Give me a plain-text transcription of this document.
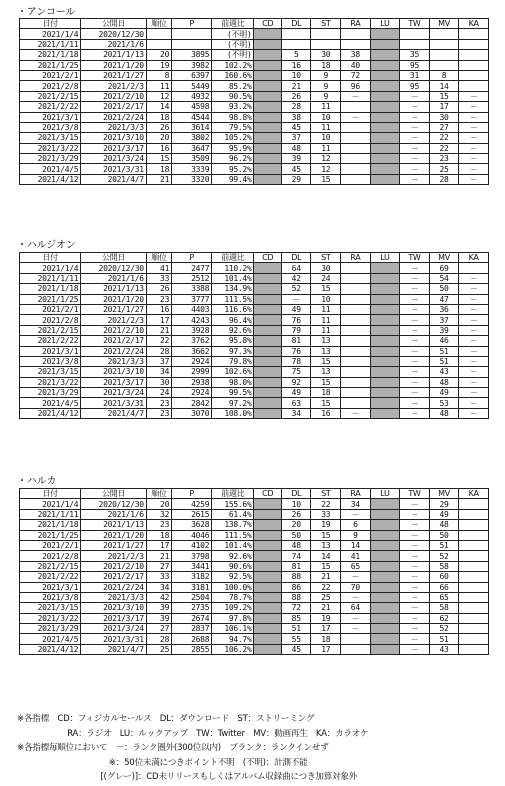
・アンコール
日付	公開日	順位	P	前週比	CD	DL	ST	RA	LU	TW	MV	KA
2021/1/4	2020/12/30			(不明)								
2021/1/11	2021/1/6			(不明)								
2021/1/18	2021/1/13	20	3895	(不明)		5	30	38		35		
2021/1/25	2021/1/20	19	3982	102.2%		16	18	40		95		
2021/2/1	2021/1/27	8	6397	160.6%		10	9	72		31	8	
2021/2/8	2021/2/3	11	5449	85.2%		21	9	96		95	14	
2021/2/15	2021/2/10	12	4932	90.5%		26	9	－		－	15	－
2021/2/22	2021/2/17	14	4598	93.2%		28	11			－	17	－
2021/3/1	2021/2/24	18	4544	98.8%		38	10	－		－	30	－
2021/3/8	2021/3/3	26	3614	79.5%		45	11			－	27	－
2021/3/15	2021/3/10	20	3802	105.2%		37	10			－	22	－
2021/3/22	2021/3/17	16	3647	95.9%		48	11			－	22	－
2021/3/29	2021/3/24	15	3509	96.2%		39	12			－	23	－
2021/4/5	2021/3/31	18	3339	95.2%		45	12			－	25	－
2021/4/12	2021/4/7	21	3320	99.4%		29	15			－	28	－
・ハルジオン
日付	公開日	順位	P	前週比	CD	DL	ST	RA	LU	TW	MV	KA
2021/1/4	2020/12/30	41	2477	110.2%		64	30			－	69	
2021/1/11	2021/1/6	33	2512	101.4%		42	24			－	54	－
2021/1/18	2021/1/13	26	3388	134.9%		52	15			－	50	－
2021/1/25	2021/1/20	23	3777	111.5%		－	10			－	47	－
2021/2/1	2021/1/27	16	4403	116.6%		49	11			－	36	－
2021/2/8	2021/2/3	17	4243	96.4%		76	11			－	37	－
2021/2/15	2021/2/10	21	3928	92.6%		79	11			－	39	－
2021/2/22	2021/2/17	22	3762	95.8%		81	13			－	46	－
2021/3/1	2021/2/24	28	3662	97.3%		76	13			－	51	－
2021/3/8	2021/3/3	37	2924	79.8%		78	15			－	51	－
2021/3/15	2021/3/10	34	2999	102.6%		75	13			－	43	－
2021/3/22	2021/3/17	30	2938	98.0%		92	15			－	48	－
2021/3/29	2021/3/24	24	2924	99.5%		49	18			－	49	－
2021/4/5	2021/3/31	23	2842	97.2%		63	15			－	53	－
2021/4/12	2021/4/7	23	3070	108.0%		34	16	－		－	48	－
・ハルカ
日付	公開日	順位	P	前週比	CD	DL	ST	RA	LU	TW	MV	KA
2021/1/4	2020/12/30	20	4259	155.6%		10	22	34		－	29	
2021/1/11	2021/1/6	32	2615	61.4%		26	33	－		－	49	
2021/1/18	2021/1/13	23	3628	138.7%		20	19	6		－	48	
2021/1/25	2021/1/20	18	4046	111.5%		50	15	9		－	50	
2021/2/1	2021/1/27	17	4102	101.4%		48	13	14		－	51	
2021/2/8	2021/2/3	21	3798	92.6%		74	14	41		－	52	
2021/2/15	2021/2/10	27	3441	90.6%		81	15	65		－	58	
2021/2/22	2021/2/17	33	3182	92.5%		88	21	－		－	60	
2021/3/1	2021/2/24	34	3181	100.0%		86	22	70		－	66	
2021/3/8	2021/3/3	42	2504	78.7%		88	25	－		－	65	
2021/3/15	2021/3/10	39	2735	109.2%		72	21	64		－	58	
2021/3/22	2021/3/17	39	2674	97.8%		85	19	－		－	62	
2021/3/29	2021/3/24	27	2837	106.1%		51	17	－		－	52	
2021/4/5	2021/3/31	28	2688	94.7%		55	18			－	51	
2021/4/12	2021/4/7	25	2855	106.2%		45	17			－	43	
※各指標　CD：フィジカルセールス　DL：ダウンロード　ST：ストリーミング
　　　　　　RA：ラジオ　LU：ルックアップ　TW：Twitter　MV：動画再生　KA：カラオケ
※各指標毎順位において　－：ランク圏外(300位以内)　ブランク：ランクインせず
　　　　　　　　　　　※：50位未満につきポイント不明　(不明)：計測不能
　　　　　　　　　　[(グレー)]：CD未リリースもしくはアルバム収録曲につき加算対象外
